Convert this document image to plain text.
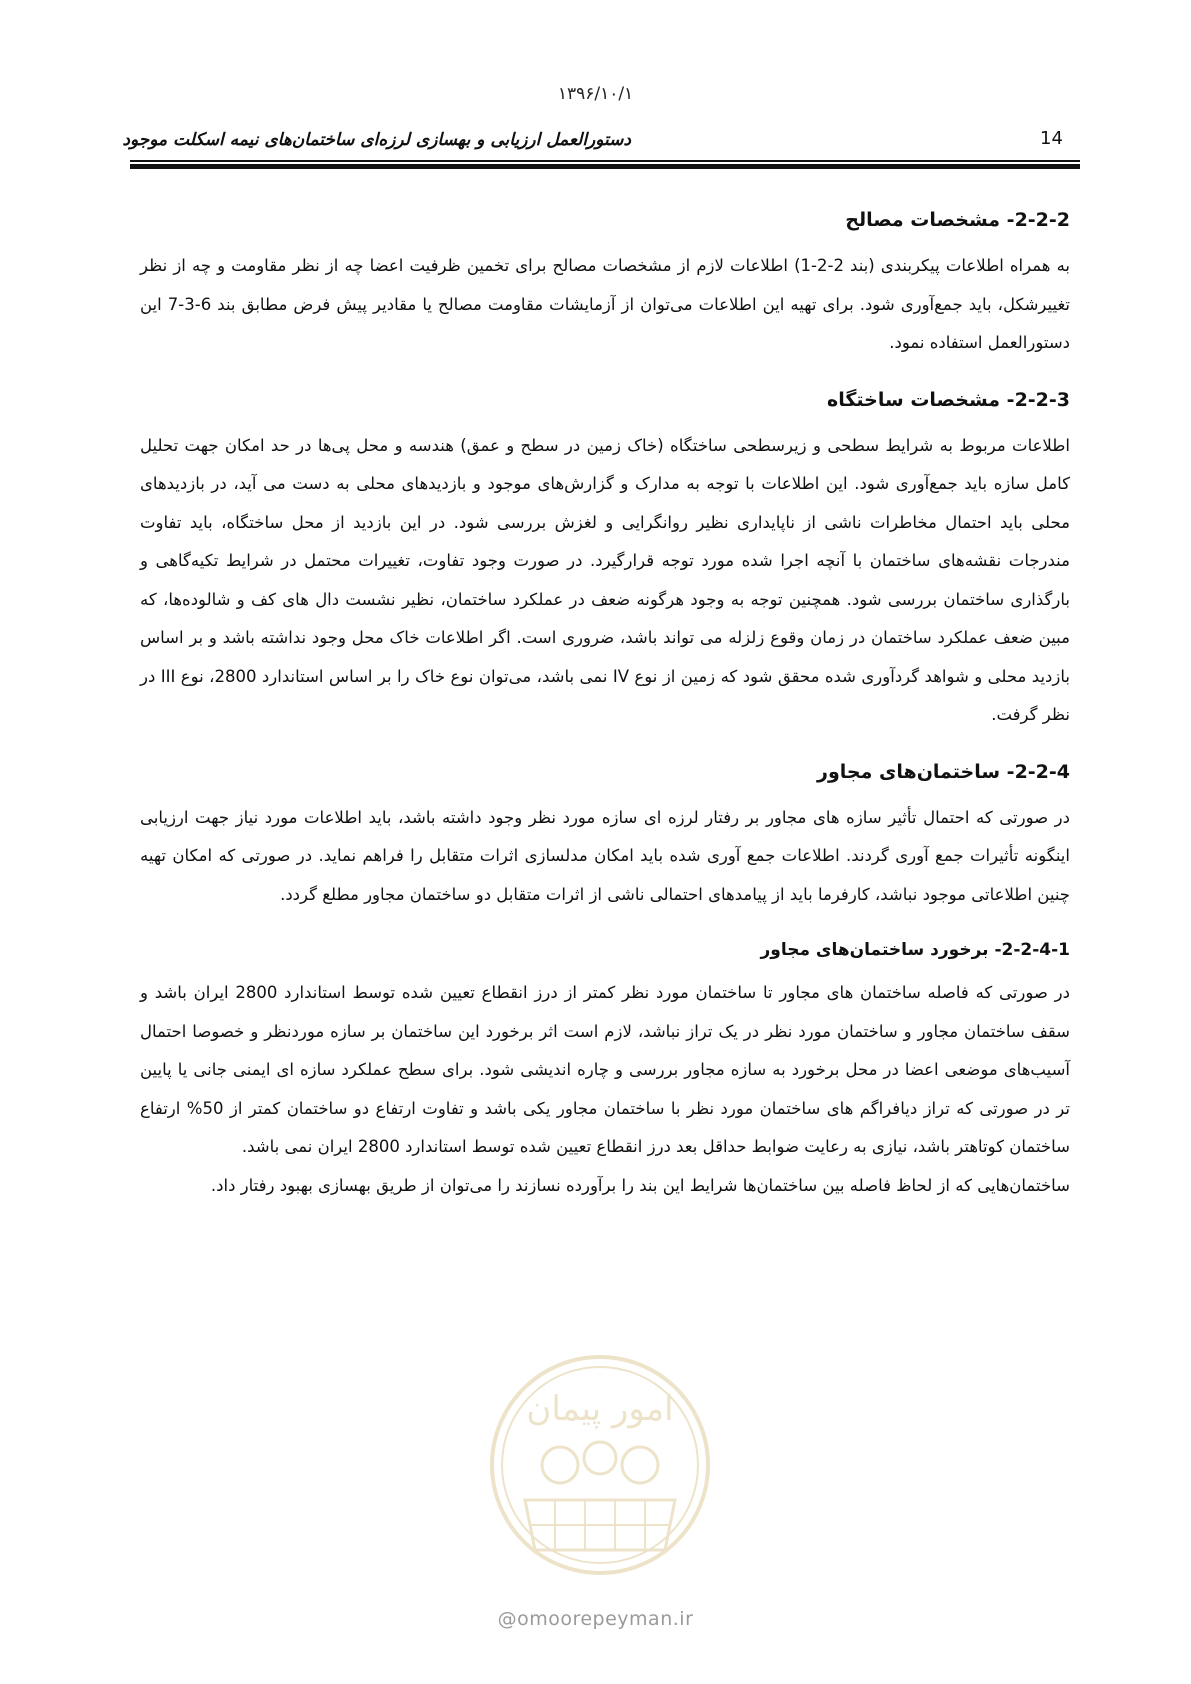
۱۳۹۶/۱۰/۱
دستورالعمل ارزیابی و بهسازی لرزه‌ای ساختمان‌های نیمه اسکلت موجود	14
2-2-2- مشخصات مصالح

به همراه اطلاعات پیکربندی (بند 2-2-1) اطلاعات لازم از مشخصات مصالح برای تخمین ظرفیت اعضا چه از نظر مقاومت و چه از نظر تغییرشکل، باید جمع‌آوری شود. برای تهیه این اطلاعات می‌توان از آزمایشات مقاومت مصالح یا مقادیر پیش فرض مطابق بند 6-3-7 این دستورالعمل استفاده نمود.

2-2-3- مشخصات ساختگاه

اطلاعات مربوط به شرایط سطحی و زیرسطحی ساختگاه (خاک زمین در سطح و عمق) هندسه و محل پی‌ها در حد امکان جهت تحلیل کامل سازه باید جمع‌آوری شود. این اطلاعات با توجه به مدارک و گزارش‌های موجود و بازدیدهای محلی به دست می آید، در بازدیدهای محلی باید احتمال مخاطرات ناشی از ناپایداری نظیر روانگرایی و لغزش بررسی شود. در این بازدید از محل ساختگاه، باید تفاوت مندرجات نقشه‌های ساختمان با آنچه اجرا شده مورد توجه قرارگیرد. در صورت وجود تفاوت، تغییرات محتمل در شرایط تکیه‌گاهی و بارگذاری ساختمان بررسی شود. همچنین توجه به وجود هرگونه ضعف در عملکرد ساختمان، نظیر نشست دال های کف و شالوده‌ها، که مبین ضعف عملکرد ساختمان در زمان وقوع زلزله می تواند باشد، ضروری است. اگر اطلاعات خاک محل وجود نداشته باشد و بر اساس بازدید محلی و شواهد گردآوری شده محقق شود که زمین از نوع IV نمی باشد، می‌توان نوع خاک را بر اساس استاندارد 2800، نوع III در نظر گرفت.

2-2-4- ساختمان‌های مجاور

در صورتی که احتمال تأثیر سازه های مجاور بر رفتار لرزه ای سازه مورد نظر وجود داشته باشد، باید اطلاعات مورد نیاز جهت ارزیابی اینگونه تأثیرات جمع آوری گردند. اطلاعات جمع آوری شده باید امکان مدلسازی اثرات متقابل را فراهم نماید. در صورتی که امکان تهیه چنین اطلاعاتی موجود نباشد، کارفرما باید از پیامدهای احتمالی ناشی از اثرات متقابل دو ساختمان مجاور مطلع گردد.

2-2-4-1- برخورد ساختمان‌های مجاور

در صورتی که فاصله ساختمان های مجاور تا ساختمان مورد نظر کمتر از درز انقطاع تعیین شده توسط استاندارد 2800 ایران باشد و سقف ساختمان مجاور و ساختمان مورد نظر در یک تراز نباشد، لازم است اثر برخورد این ساختمان بر سازه موردنظر و خصوصا احتمال آسیب‌های موضعی اعضا در محل برخورد به سازه مجاور بررسی و چاره اندیشی شود. برای سطح عملکرد سازه ای ایمنی جانی یا پایین تر در صورتی که تراز دیافراگم های ساختمان مورد نظر با ساختمان مجاور یکی باشد و تفاوت ارتفاع دو ساختمان کمتر از 50% ارتفاع ساختمان کوتاهتر باشد، نیازی به رعایت ضوابط حداقل بعد درز انقطاع تعیین شده توسط استاندارد 2800 ایران نمی باشد.

ساختمان‌هایی که از لحاظ فاصله بین ساختمان‌ها شرایط این بند را برآورده نسازند را می‌توان از طریق بهسازی بهبود رفتار داد.

امور پیمان
@omoorepeyman.ir
